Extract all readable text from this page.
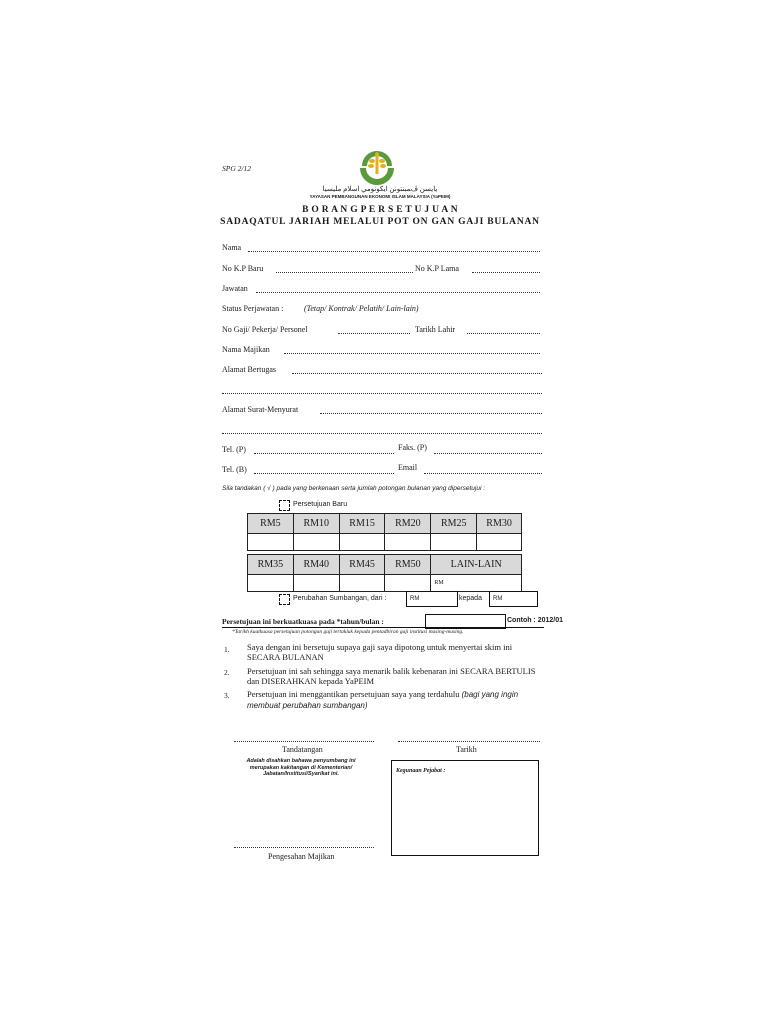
SPG 2/12
ﻳﺎﻳﺴﻦ ڤﻤﺒﻨﺘﻮﻧﻦ اﻳﻜﻮﻧﻮﻣﻲ اﺳﻼم ﻣﻠﻴﺴﻴﺎ
YAYASAN PEMBANGUNAN EKONOMI ISLAM MALAYSIA (YaPEIM)
B O R A N G P E R S E T U J U A N
SADAQATUL JARIAH MELALUI POT ON GAN GAJI BULANAN
Nama
No K.P Baru	No K.P Lama
Jawatan
Status Perjawatan :	(Tetap/ Kontrak/ Pelatih/ Lain-lain)
No Gaji/ Pekerja/ Personel	Tarikh Lahir
Nama Majikan
Alamat Bertugas
Alamat Surat-Menyurat
Tel. (P)	Faks. (P)
Tel. (B)	Email
Sila tandakan ( √ ) pada yang berkenaan serta jumlah potongan bulanan yang dipersetujui :
Persetujuan Baru
RM5	RM10	RM15	RM20	RM25	RM30

RM35	RM40	RM45	RM50	LAIN-LAIN	
				RM	
Perubahan Sumbangan, dari :	RM	kepada	RM
Persetujuan ini berkuatkuasa pada *tahun/bulan :	Contoh : 2012/01
*Tarikh kuatkuasa persetujuan potongan gaji tertakluk kepada pentadbiran gaji institusi masing-masing.
1. Saya dengan ini bersetuju supaya gaji saya dipotong untuk menyertai skim ini SECARA BULANAN
2. Persetujuan ini sah sehingga saya menarik balik kebenaran ini SECARA BERTULIS dan DISERAHKAN kepada YaPEIM
3. Persetujuan ini menggantikan persetujuan saya yang terdahulu (bagi yang ingin membuat perubahan sumbangan)
Tandatangan	Tarikh
Adalah disahkan bahawa penyumbang ini merupakan kakitangan di Kementerian/ Jabatan/Institusi/Syarikat ini.	Kegunaan Pejabat :
Pengesahan Majikan
